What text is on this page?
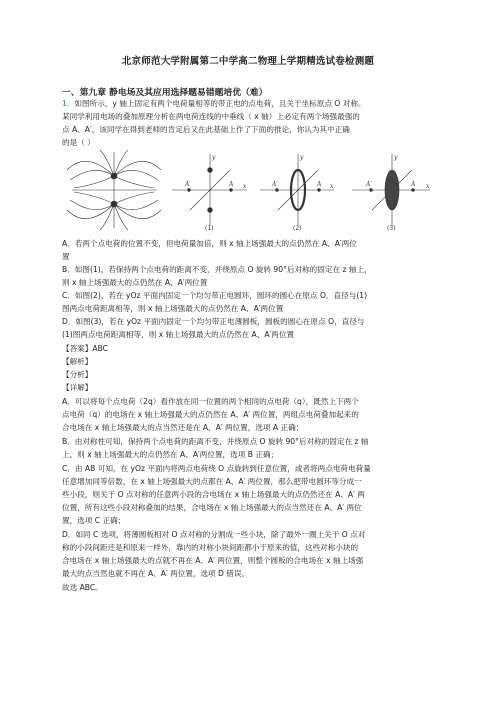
北京师范大学附属第二中学高二物理上学期精选试卷检测题
一、第九章 静电场及其应用选择题易错题培优（难）
1．如图所示，y 轴上固定有两个电荷量相等的带正电的点电荷，且关于坐标原点 O 对称。
某同学利用电场的叠加原理分析在两电荷连线的中垂线（ x 轴）上必定有两个场强最强的
点 A、A′，该同学在得到老师的肯定后又在此基础上作了下面的推论，你认为其中正确
的是（ ）
x
y
A′	A
(1)
x
y
A′	A
(2)
x
y
A′	A
(3)
A．若两个点电荷的位置不变，但电荷量加倍，则 x 轴上场强最大的点仍然在 A、A′两位
置
B．如图(1)，若保持两个点电荷的距离不变、并绕原点 O 旋转 90°后对称的固定在 z 轴上，
则 x 轴上场强最大的点仍然在 A、A′两位置
C．如图(2)，若在 yOz 平面内固定一个均匀带正电圆环，圆环的圆心在原点 O．直径与(1)
图两点电荷距离相等，则 x 轴上场强最大的点仍然在 A、A′两位置
D．如图(3)，若在 yOz 平面内固定一个均匀带正电薄圆板，圆板的圆心在原点 O，直径与
(1)图两点电荷距离相等，则 x 轴上场强最大的点仍然在 A、A′两位置
【答案】ABC
【解析】
【分析】
【详解】
A．可以将每个点电荷（2q）看作放在同一位置的两个相同的点电荷（q），既然上下两个
点电荷（q）的电场在 x 轴上场强最大的点仍然在 A、A′ 两位置，两组点电荷叠加起来的
合电场在 x 轴上场强最大的点当然还是在 A、A′ 两位置，选项 A 正确；
B．由对称性可知，保持两个点电荷的距离不变、并绕原点 O 旋转 90°后对称的固定在 z 轴
上，则 x 轴上场强最大的点仍然在 A、A′两位置，选项 B 正确；
C．由 AB 可知，在 yOz 平面内将两点电荷绕 O 点旋转到任意位置，或者将两点电荷电荷量
任意增加同等倍数，在 x 轴上场强最大的点都在 A、A′ 两位置，那么把带电圆环等分成一
些小段，则关于 O 点对称的任意两小段的合电场在 x 轴上场强最大的点仍然还在 A、A′ 两
位置，所有这些小段对称叠加的结果，合电场在 x 轴上场强最大的点当然还在 A、A′ 两位
置，选项 C 正确；
D．如同 C 选项，将薄圆板相对 O 点对称的分割成一些小块，除了最外一圈上关于 O 点对
称的小段间距还是和原来一样外，靠内的对称小块间距都小于原来的值，这些对称小块的
合电场在 x 轴上场强最大的点就不再在 A、A′ 两位置，则整个圆板的合电场在 x 轴上场强
最大的点当然也就不再在 A、A′ 两位置，选项 D 错误。
故选 ABC。
